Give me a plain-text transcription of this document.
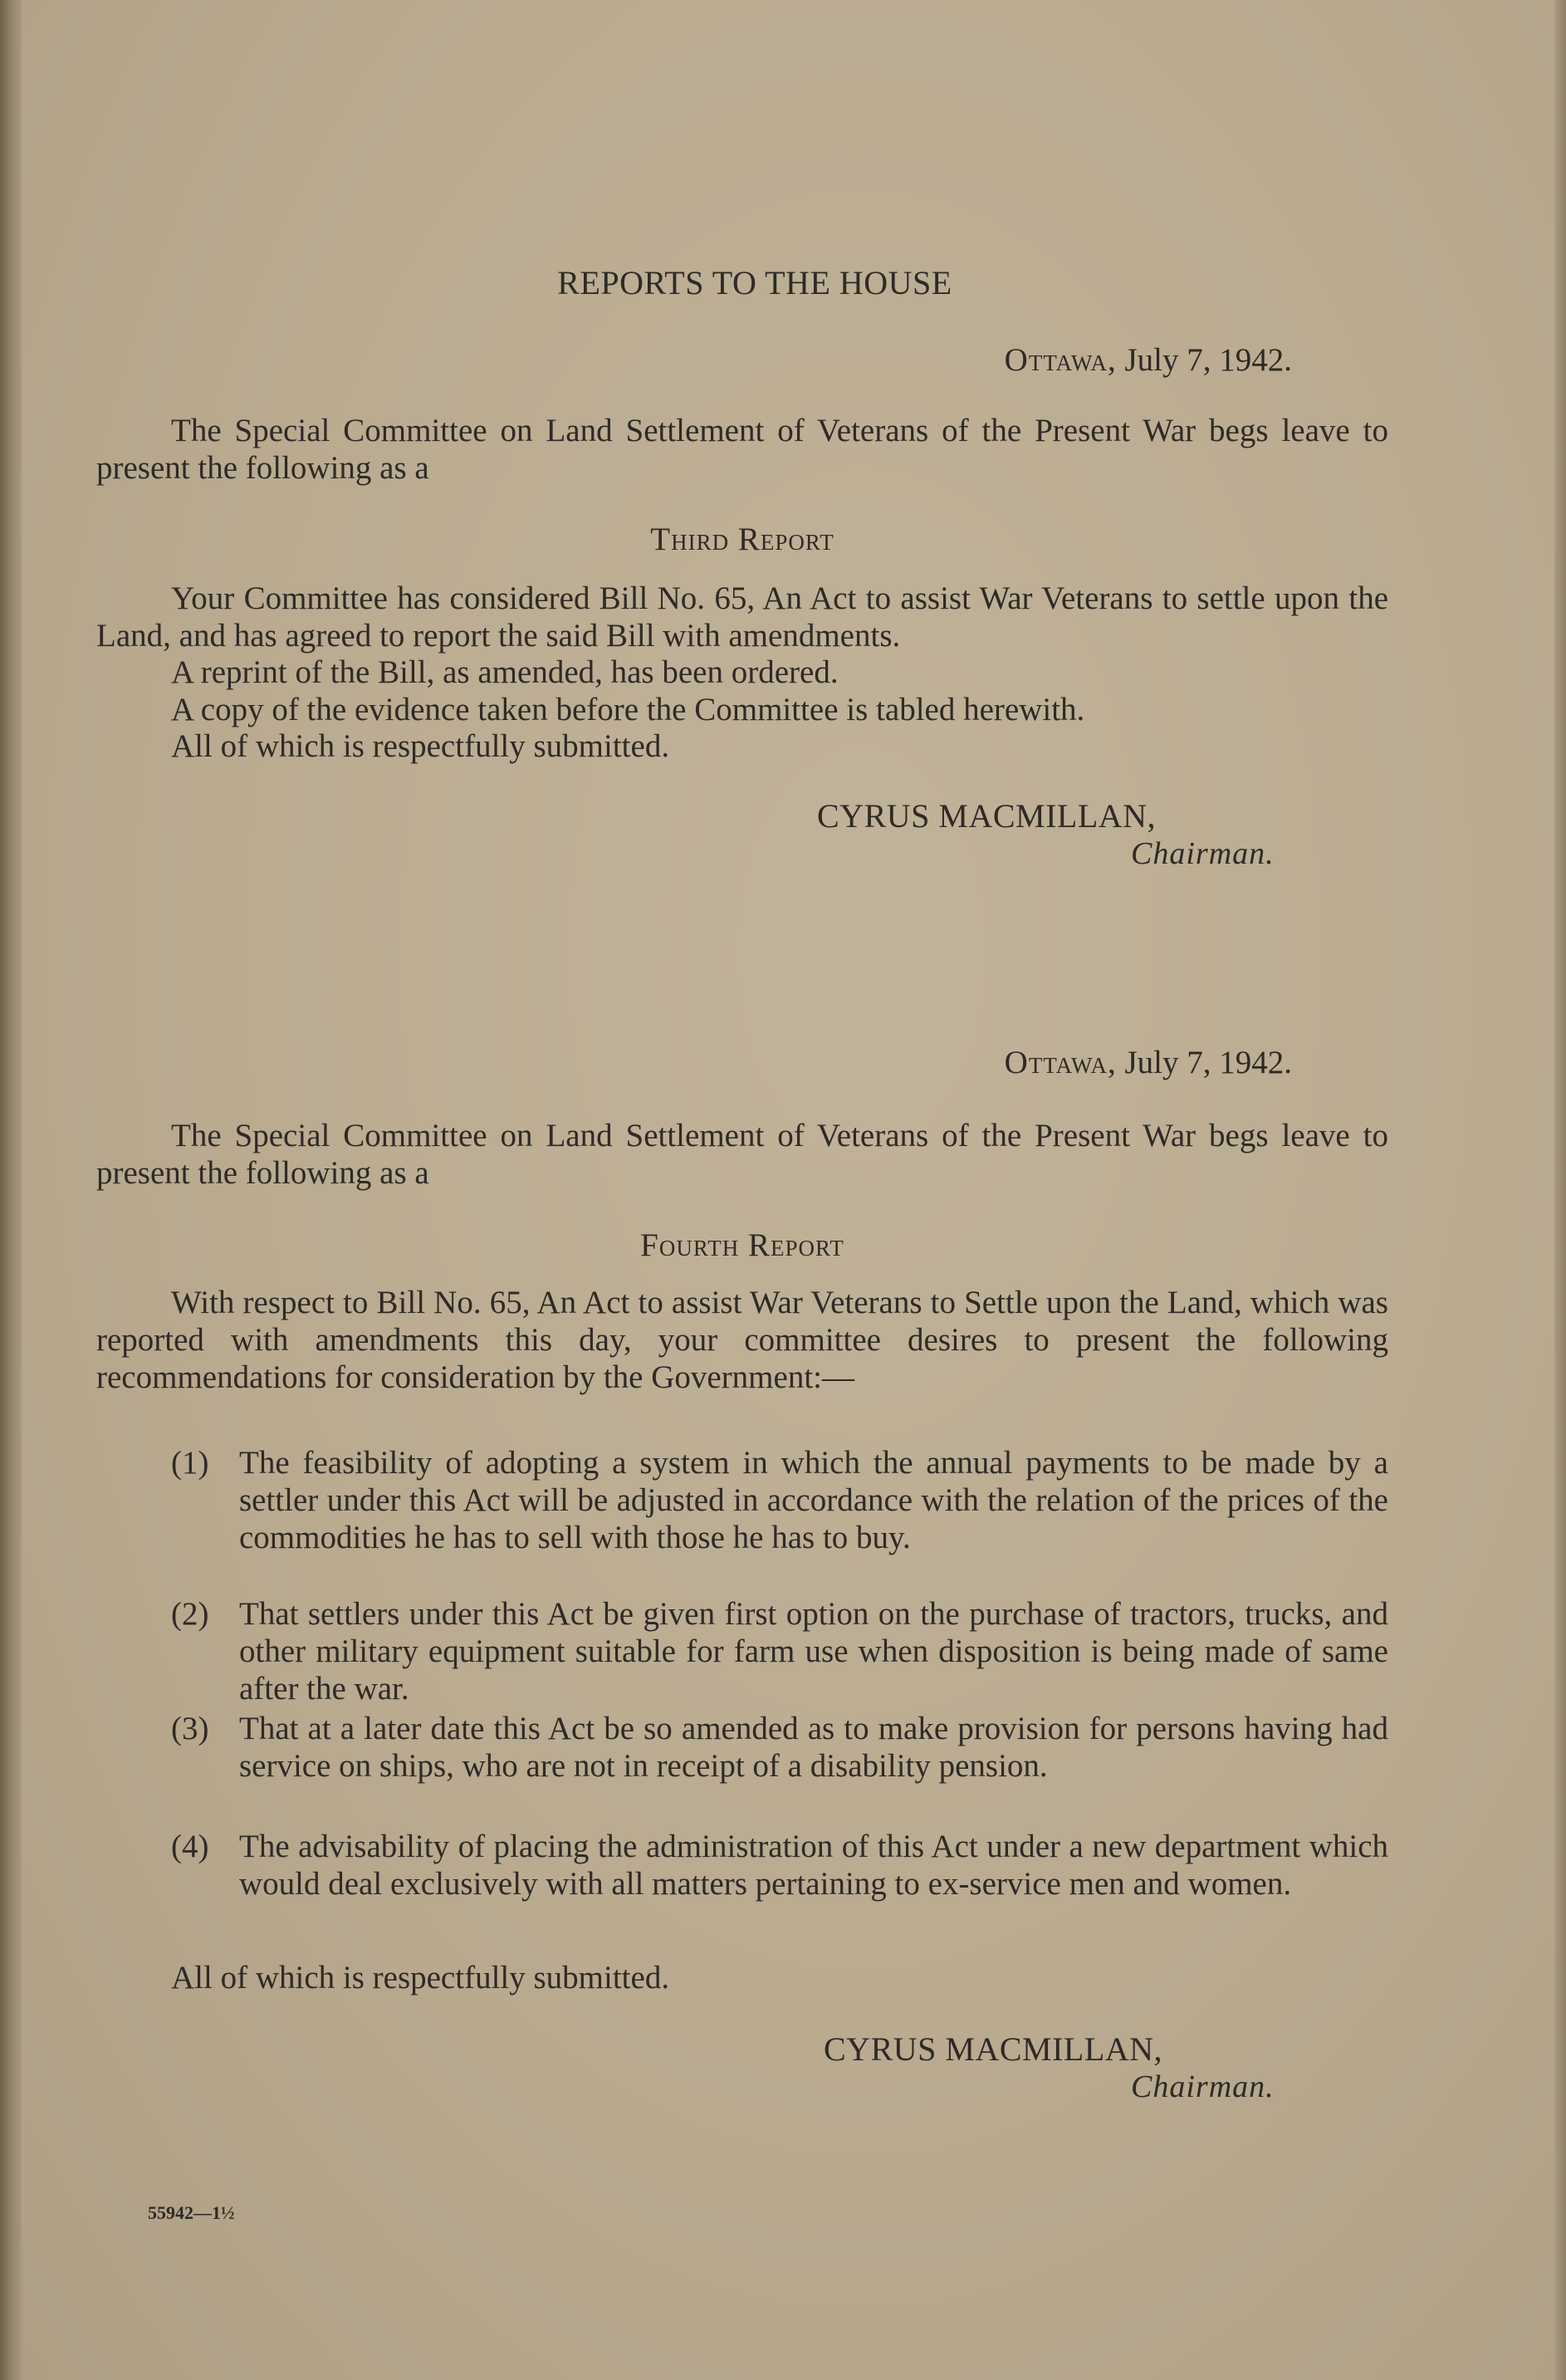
REPORTS TO THE HOUSE
Ottawa, July 7, 1942.
The Special Committee on Land Settlement of Veterans of the Present War begs leave to present the following as a
Third Report
Your Committee has considered Bill No. 65, An Act to assist War Veterans to settle upon the Land, and has agreed to report the said Bill with amendments.
A reprint of the Bill, as amended, has been ordered.
A copy of the evidence taken before the Committee is tabled herewith.
All of which is respectfully submitted.
CYRUS MACMILLAN,
Chairman.
Ottawa, July 7, 1942.
The Special Committee on Land Settlement of Veterans of the Present War begs leave to present the following as a
Fourth Report
With respect to Bill No. 65, An Act to assist War Veterans to Settle upon the Land, which was reported with amendments this day, your committee desires to present the following recommendations for consideration by the Government:—
(1) The feasibility of adopting a system in which the annual payments to be made by a settler under this Act will be adjusted in accordance with the relation of the prices of the commodities he has to sell with those he has to buy.
(2) That settlers under this Act be given first option on the purchase of tractors, trucks, and other military equipment suitable for farm use when disposition is being made of same after the war.
(3) That at a later date this Act be so amended as to make provision for persons having had service on ships, who are not in receipt of a disability pension.
(4) The advisability of placing the administration of this Act under a new department which would deal exclusively with all matters pertaining to ex-service men and women.
All of which is respectfully submitted.
CYRUS MACMILLAN,
Chairman.
55942—1½
